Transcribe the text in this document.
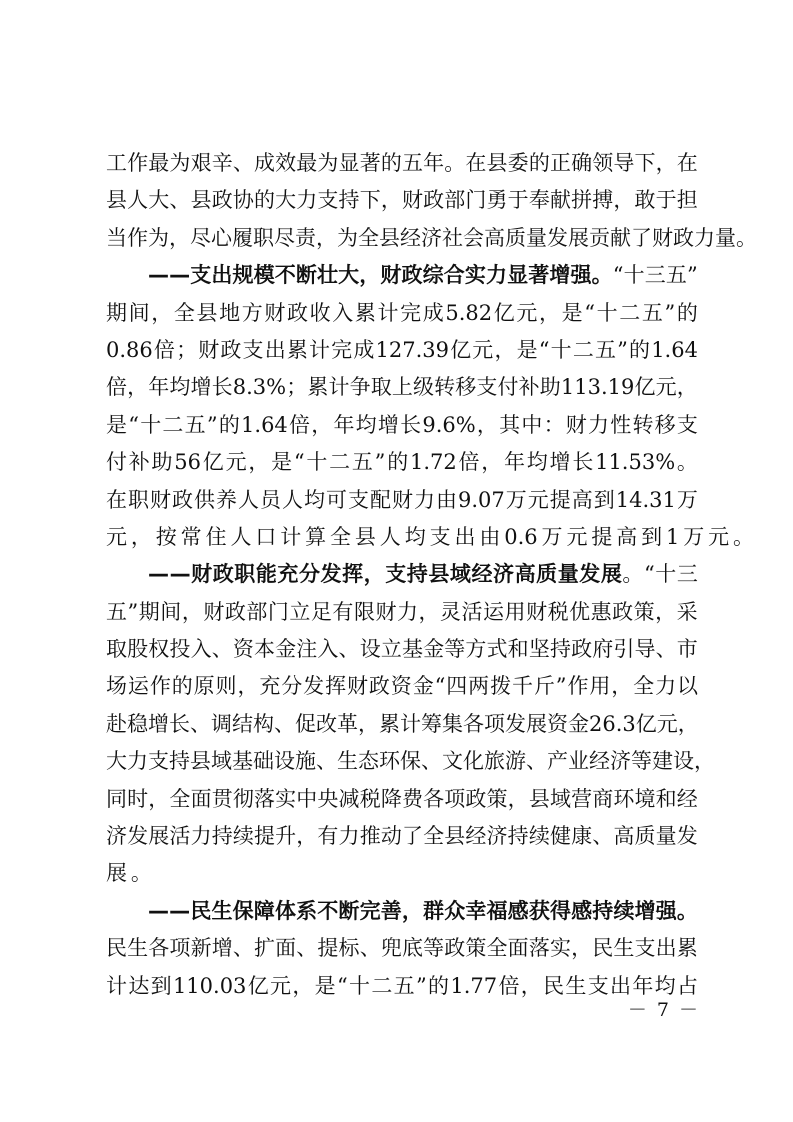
工 作 最 为 艰 辛 、 成 效 最 为 显 著 的 五 年 。 在 县 委 的 正 确 领 导 下 ， 在
县 人 大 、 县 政 协 的 大 力 支 持 下 ， 财 政 部 门 勇 于 奉 献 拼 搏 ， 敢 于 担
当 作 为 ， 尽 心 履 职 尽 责 ， 为 全 县 经 济 社 会 高 质 量 发 展 贡 献 了 财 政 力 量 。
— — 支 出 规 模 不 断 壮 大 ， 财 政 综 合 实 力 显 著 增 强 。 “ 十 三 五 ”
期 间 ， 全 县 地 方 财 政 收 入 累 计 完 成 5.82 亿 元 ， 是 “ 十 二 五 ” 的
0.86 倍 ； 财 政 支 出 累 计 完 成 127.39 亿 元 ， 是 “ 十 二 五 ” 的 1.64
倍 ， 年 均 增 长 8.3% ； 累 计 争 取 上 级 转 移 支 付 补 助 113.19 亿 元 ，
是 “ 十 二 五 ” 的 1.64 倍 ， 年 均 增 长 9.6% ， 其 中 ： 财 力 性 转 移 支
付 补 助 56 亿 元 ， 是 “ 十 二 五 ” 的 1.72 倍 ， 年 均 增 长 11.53% 。
在 职 财 政 供 养 人 员 人 均 可 支 配 财 力 由 9.07 万 元 提 高 到 14.31 万
元 ， 按 常 住 人 口 计 算 全 县 人 均 支 出 由 0.6 万 元 提 高 到 1 万 元 。
— — 财 政 职 能 充 分 发 挥 ， 支 持 县 域 经 济 高 质 量 发 展 。 “ 十 三
五 ” 期 间 ， 财 政 部 门 立 足 有 限 财 力 ， 灵 活 运 用 财 税 优 惠 政 策 ， 采
取 股 权 投 入 、 资 本 金 注 入 、 设 立 基 金 等 方 式 和 坚 持 政 府 引 导 、 市
场 运 作 的 原 则 ， 充 分 发 挥 财 政 资 金 “ 四 两 拨 千 斤 ” 作 用 ， 全 力 以
赴 稳 增 长 、 调 结 构 、 促 改 革 ， 累 计 筹 集 各 项 发 展 资 金 26.3 亿 元 ，
大 力 支 持 县 域 基 础 设 施 、 生 态 环 保 、 文 化 旅 游 、 产 业 经 济 等 建 设 ，
同 时 ， 全 面 贯 彻 落 实 中 央 减 税 降 费 各 项 政 策 ， 县 域 营 商 环 境 和 经
济 发 展 活 力 持 续 提 升 ， 有 力 推 动 了 全 县 经 济 持 续 健 康 、 高 质 量 发
展 。
— — 民 生 保 障 体 系 不 断 完 善 ， 群 众 幸 福 感 获 得 感 持 续 增 强 。
民 生 各 项 新 增 、 扩 面 、 提 标 、 兜 底 等 政 策 全 面 落 实 ， 民 生 支 出 累
计 达 到 110.03 亿 元 ， 是 “ 十 二 五 ” 的 1.77 倍 ， 民 生 支 出 年 均 占
－ 7 －
